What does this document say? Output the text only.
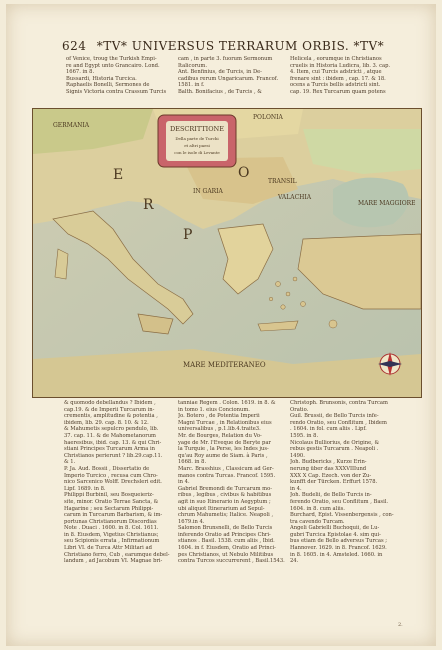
624 *TV* UNIVERSUS TERRARUM ORBIS. *TV*
of Venice, troug the Turkish Empi-
re and Egypt unto Grancairo. Lond.
1667. in 8.
Bussardi, Historia Turcica.
Raphaelis Bonelli, Sermones de
Signis Victoria contra Crassum Turcis
cam , in parte 3. fuorum Sermonum
Italicorum.
Ant. Benfinius, de Turcis, in De-
cadibus rerum Ungaricarum. Francof.
1581. in f.
Balth. Bonifacius , de Turcis , &
Helicela , eorumque in Christianos
cruelis in Historia Ludicra, lib. 3. cap.
4. Item, cui Turcis adstricti , atque
frenare sint : ibidem , cap. 17. & 18.
ocens a Turcis bellis adstricti sint.
cap. 19. Rex Turcarum quam potens
DESCRITTIONE
Della parte de Turchi
et altri paesi
con le isole di Levante
GERMANIA
POLONIA
E
R
O
P
TRANSIL
VALACHIA
IN GARIA
MARE MAGGIORE
MARE MEDITERANEO
& quomodo debellandus ? Ibidem ,
cap.19. & de Imperii Turcarum in-
crementis, amplitudine & potentia ,
ibidem, lib. 29. cap. 8. 10. & 12.
& Mahumetis sepulcro pendulo, lib.
37. cap. 11. & de Mahometanorum
haeresibus, ibid. cap. 13. & qui Chri-
stiani Principes Turcarum Arma in
Christianos perierunt ? lib.29.cap.11.
& 1.
P. Ja. Aud. Bossii , Dissertatio de
Imperio Turcico , recusa cum Chro-
nico Sarcenico Wolff. Drechsleri edit.
Lipf. 1689. in 8.
Philippi Burbinil, seu Bosqueieriz-
site, minor. Oratio Terrae Sancta, &
Hagarine ; seu Sectarum Philippi-
carum in Turcarum Barbarism, & im-
portunas Christianorum Discordias
Note . Duaci . 1600. in 8. Col. 1611.
in 8. Eiusdem, Vigetius Christianus;
seu Scipionis errata , Infirmationum
Libri VI. de Turca Attr Militari ad
Christiano ferro, Cub , earumque debel-
landum , ad Jacobum VI. Magnae bri-
tanniae Regem . Colon. 1619. in 8. &
in tomo 1. eius Concionum.
Jo. Botero , de Potentia Imperii
Magni Turcae , in Relationibus eius
universalibus , p.1.lib.4.traite3.
Mr. de Bourges, Relation du Vo-
yage de Mr. l'Eveque de Beryte par
la Turquie , la Perse, les Indes jus-
qu'au Roy aume de Siam. à Paris ,
1668. in 8.
Marc. Brasshius , Classicum ad Ger-
manos contra Turcas. Francof. 1595.
in 4.
Gabriel Bremondi de Turcarum mo-
ribus , legibus , civibus & habitibus
agit in suo Itinerario in Aegyptum ;
ubi aliquot Itinerarium ad Sepul-
chrum Mahumetis; Italice. Neapoli ,
1679.in 4.
Salomon Brunsnelli, de Bello Turcis
inferendo Oratio ad Principes Chri-
stianos . Basil. 1538. cum aliis , Ibid.
1604. in f. Eiusdem, Oratio ad Princi-
pes Christianos, ut Nebulo Militibus
contra Turcos succurrerent , Basil.1543.
Christoph. Brunsonis, contra Turcam
Oratio.
Guil. Brussii, de Bello Turcis infe-
rendo Oratio, seu Conflitum , Ibidem
. 1604. in fol. cum aliis . Lipf.
1595. in 8.
Nicolaus Bulliorius, de Origine, &
rebus gestis Turcarum . Neapoli .
1490.
Joh. Budbericks , Kurze Erin-
nerung über das XXXVIIIund
XXX X Cap. Ezech. von der Zu-
kunfft der Türcken. Erffurt 1578.
in 4.
Joh. Budelii, de Bello Turcis in-
ferendo Oratio, seu Conflitum , Basil.
1604. in 8. cum aliis.
Burchard, Epist. Vissenbergensis , con-
tra cavendo Turcam.
Angeli Gabrielli Buchoquii, de Lu-
gubri Turcica Epistolae 4. sim qui-
bus etiam de Bello adversus Turcas ;
Hannover. 1629. in 8. Francof. 1629.
in 8. 1605. in 4. Amsteled. 1660. in
24.
2.
